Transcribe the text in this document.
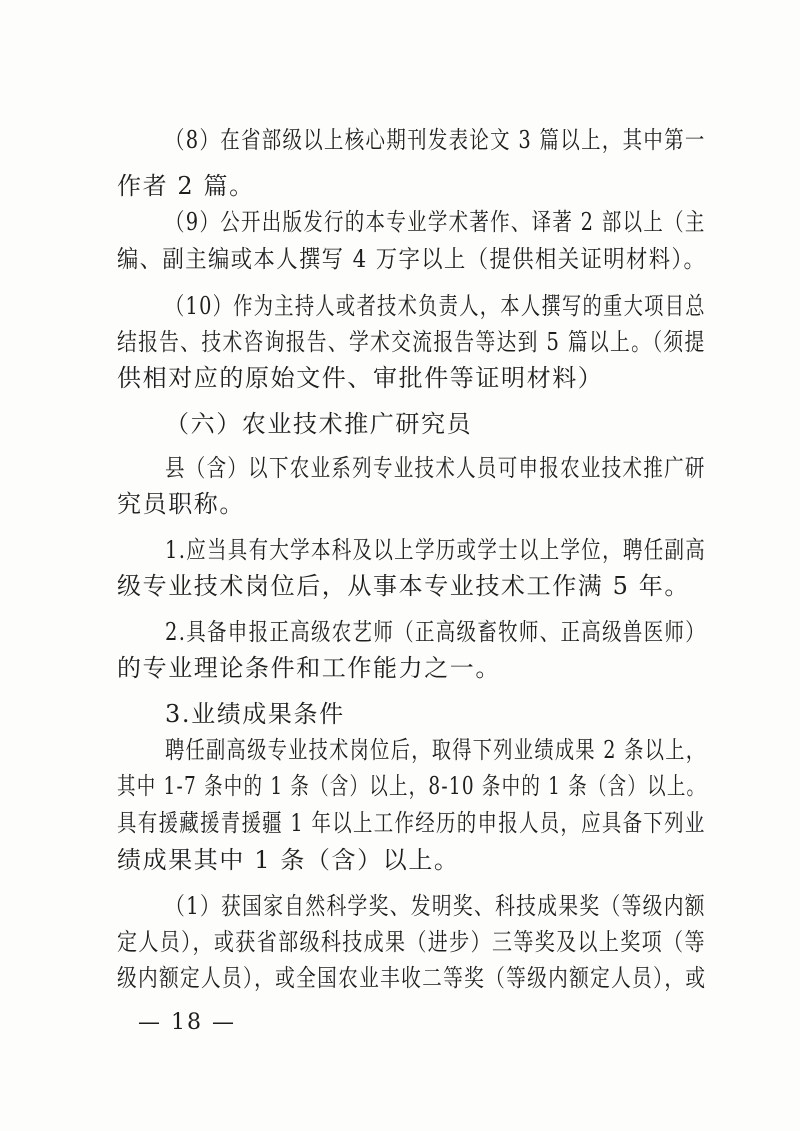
（8）在省部级以上核心期刊发表论文 3 篇以上，其中第一
作者 2 篇。
（9）公开出版发行的本专业学术著作、译著 2 部以上（主
编、副主编或本人撰写 4 万字以上（提供相关证明材料）。
（10）作为主持人或者技术负责人，本人撰写的重大项目总
结报告、技术咨询报告、学术交流报告等达到 5 篇以上。（须提
供相对应的原始文件、审批件等证明材料）
（六）农业技术推广研究员
县（含）以下农业系列专业技术人员可申报农业技术推广研
究员职称。
1.应当具有大学本科及以上学历或学士以上学位，聘任副高
级专业技术岗位后，从事本专业技术工作满 5 年。
2.具备申报正高级农艺师（正高级畜牧师、正高级兽医师）
的专业理论条件和工作能力之一。
3.业绩成果条件
聘任副高级专业技术岗位后，取得下列业绩成果 2 条以上，
其中 1-7 条中的 1 条（含）以上，8-10 条中的 1 条（含）以上。
具有援藏援青援疆 1 年以上工作经历的申报人员，应具备下列业
绩成果其中 1 条（含）以上。
（1）获国家自然科学奖、发明奖、科技成果奖（等级内额
定人员），或获省部级科技成果（进步）三等奖及以上奖项（等
级内额定人员），或全国农业丰收二等奖（等级内额定人员），或
— 18 —
